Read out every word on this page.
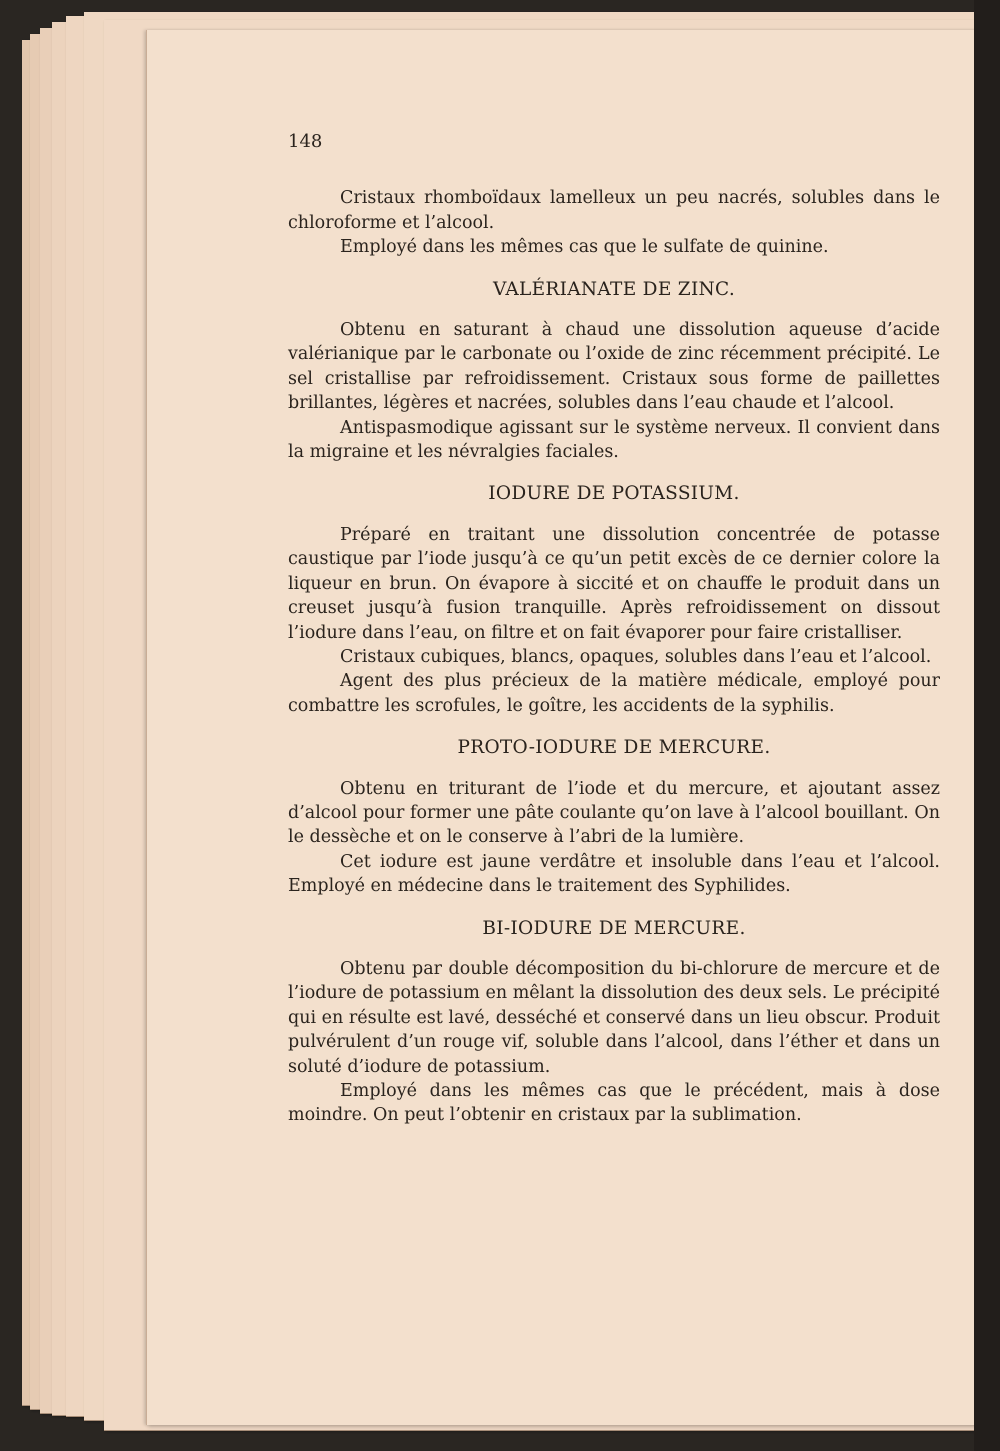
148

Cristaux rhomboïdaux lamelleux un peu nacrés, solubles dans le chloroforme et l’alcool.

Employé dans les mêmes cas que le sulfate de quinine.

VALÉRIANATE DE ZINC.

Obtenu en saturant à chaud une dissolution aqueuse d’acide valérianique par le carbonate ou l’oxide de zinc récemment précipité. Le sel cristallise par refroidissement. Cristaux sous forme de paillettes brillantes, légères et nacrées, solubles dans l’eau chaude et l’alcool.

Antispasmodique agissant sur le système nerveux. Il convient dans la migraine et les névralgies faciales.

IODURE DE POTASSIUM.

Préparé en traitant une dissolution concentrée de potasse caustique par l’iode jusqu’à ce qu’un petit excès de ce dernier colore la liqueur en brun. On évapore à siccité et on chauffe le produit dans un creuset jusqu’à fusion tranquille. Après refroidissement on dissout l’iodure dans l’eau, on filtre et on fait évaporer pour faire cristalliser.

Cristaux cubiques, blancs, opaques, solubles dans l’eau et l’alcool.

Agent des plus précieux de la matière médicale, employé pour combattre les scrofules, le goître, les accidents de la syphilis.

PROTO-IODURE DE MERCURE.

Obtenu en triturant de l’iode et du mercure, et ajoutant assez d’alcool pour former une pâte coulante qu’on lave à l’alcool bouillant. On le dessèche et on le conserve à l’abri de la lumière.

Cet iodure est jaune verdâtre et insoluble dans l’eau et l’alcool. Employé en médecine dans le traitement des Syphilides.

BI-IODURE DE MERCURE.

Obtenu par double décomposition du bi-chlorure de mercure et de l’iodure de potassium en mêlant la dissolution des deux sels. Le précipité qui en résulte est lavé, desséché et conservé dans un lieu obscur. Produit pulvérulent d’un rouge vif, soluble dans l’alcool, dans l’éther et dans un soluté d’iodure de potassium.

Employé dans les mêmes cas que le précédent, mais à dose moindre. On peut l’obtenir en cristaux par la sublimation.
